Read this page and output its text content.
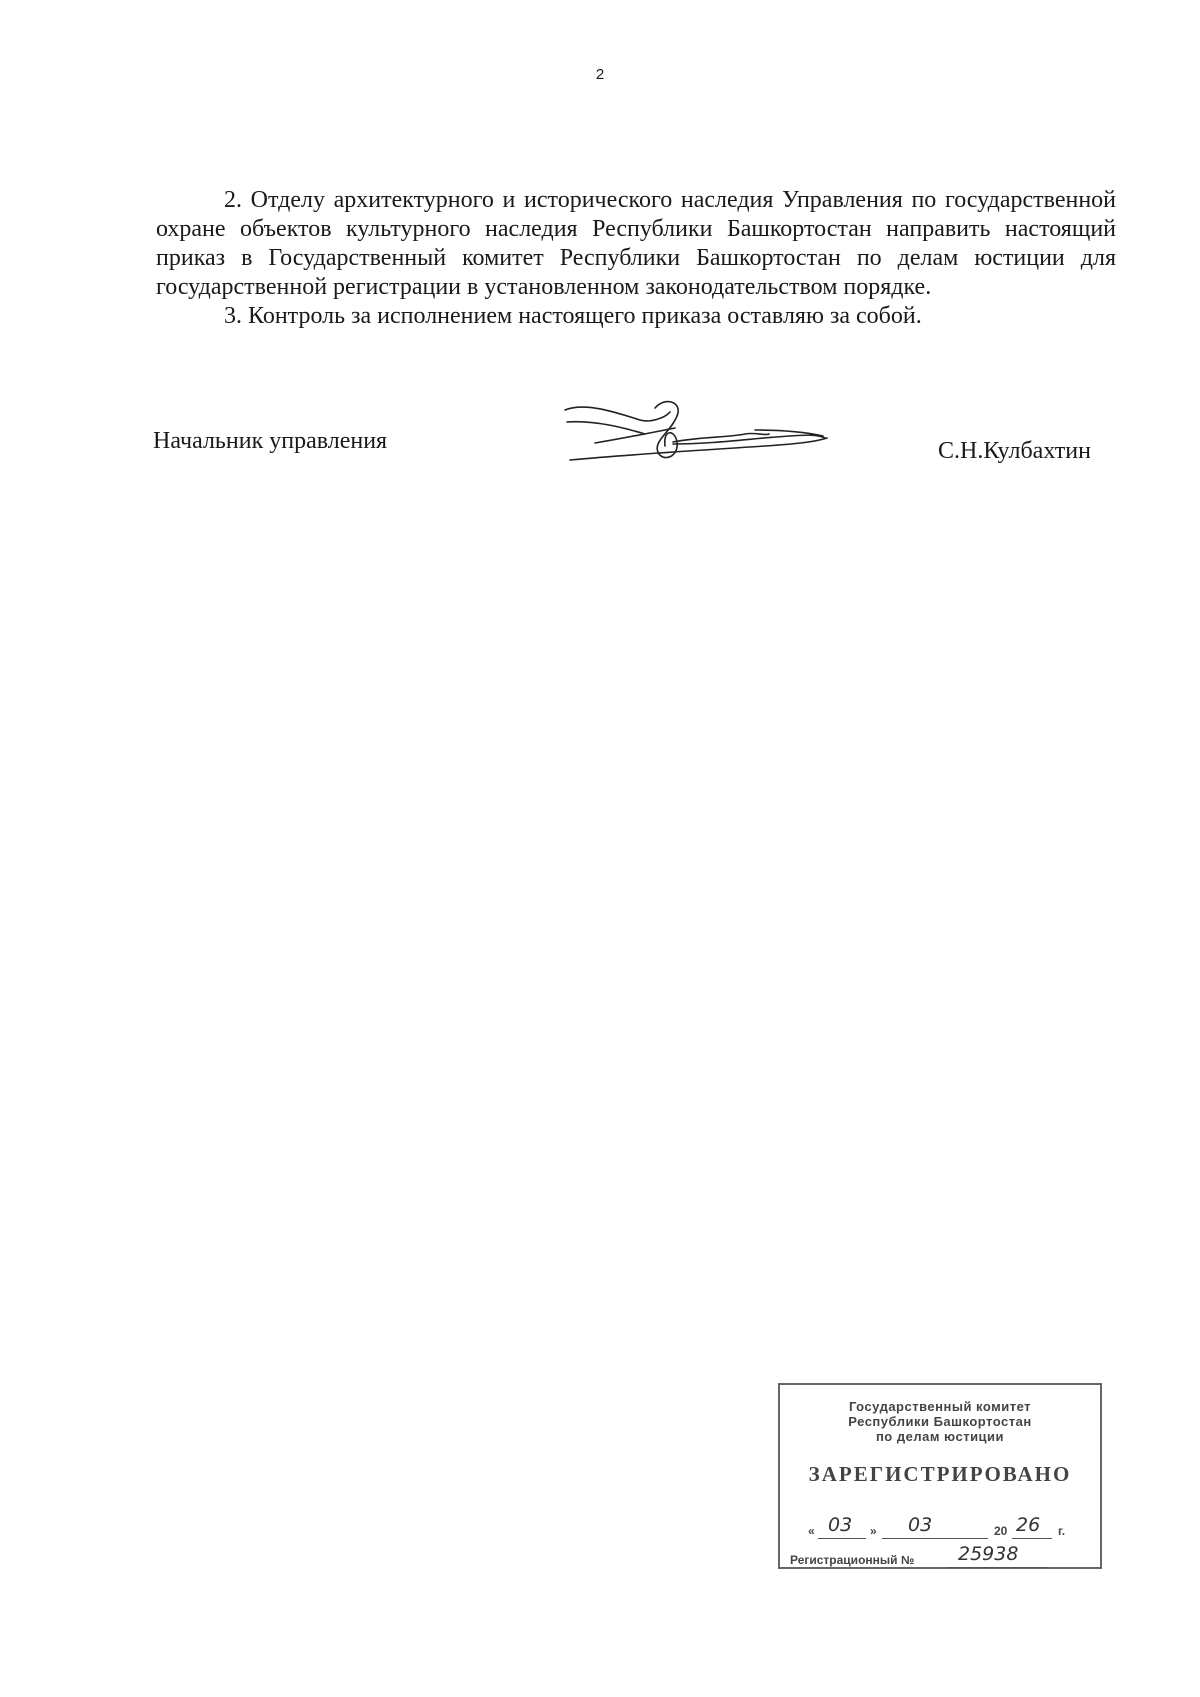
2

2. Отделу архитектурного и исторического наследия Управления по государственной охране объектов культурного наследия Республики Башкортостан направить настоящий приказ в Государственный комитет Республики Башкортостан по делам юстиции для государственной регистрации в установленном законодательством порядке.

3. Контроль за исполнением настоящего приказа оставляю за собой.

Начальник управления	С.Н.Кулбахтин
Государственный комитет
Республики Башкортостан
по делам юстиции
ЗАРЕГИСТРИРОВАНО
« 03 » 03	20 26 г.
Регистрационный № 25938
